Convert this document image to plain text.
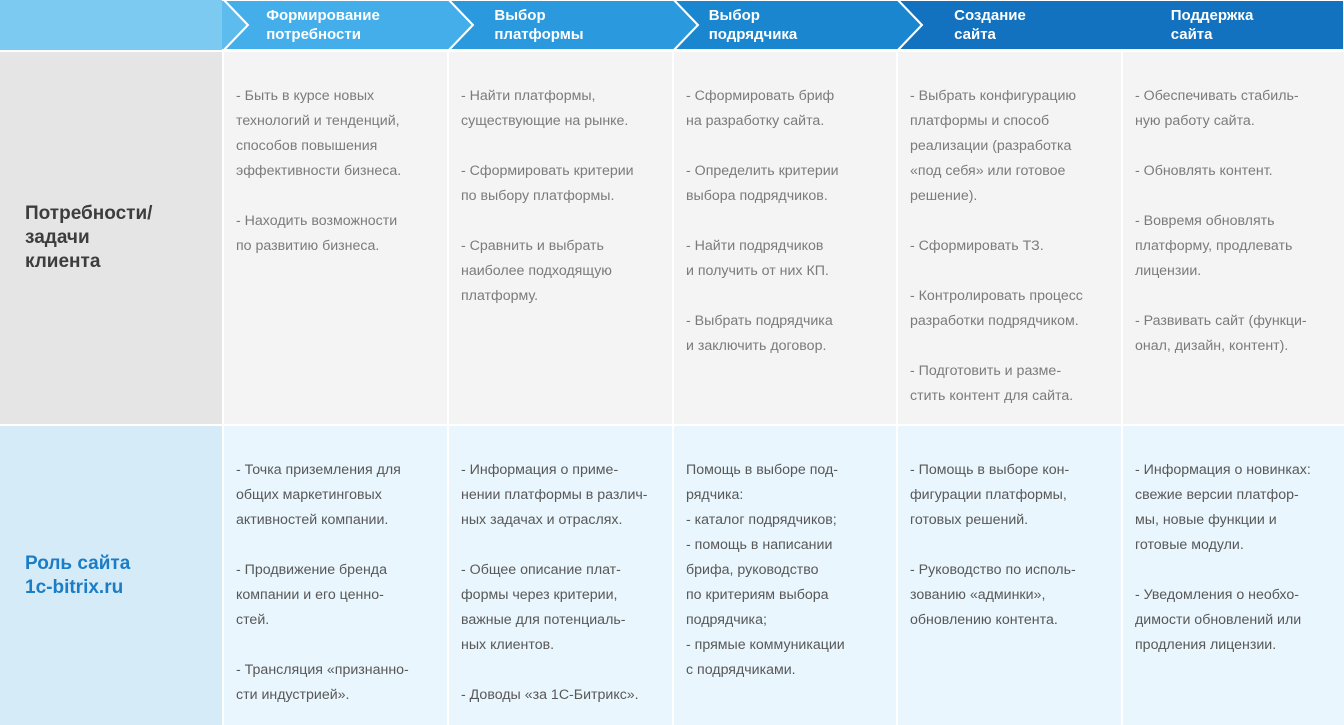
Формирование
потребности
Выбор
платформы
Выбор
подрядчика
Создание
сайта
Поддержка
сайта
Потребности/
задачи
клиента
Роль сайта
1c-bitrix.ru

- Быть в курсе новых
технологий и тенденций,
способов повышения
эффективности бизнеса.

- Находить возможности
по развитию бизнеса.

- Найти платформы,
существующие на рынке.

- Сформировать критерии
по выбору платформы.

- Сравнить и выбрать
наиболее подходящую
платформу.

- Сформировать бриф
на разработку сайта.

- Определить критерии
выбора подрядчиков.

- Найти подрядчиков
и получить от них КП.

- Выбрать подрядчика
и заключить договор.

- Выбрать конфигурацию
платформы и способ
реализации (разработка
«под себя» или готовое
решение).

- Сформировать ТЗ.

- Контролировать процесс
разработки подрядчиком.

- Подготовить и разме-
стить контент для сайта.

- Обеспечивать стабиль-
ную работу сайта.

- Обновлять контент.

- Вовремя обновлять
платформу, продлевать
лицензии.

- Развивать сайт (функци-
онал, дизайн, контент).

- Точка приземления для
общих маркетинговых
активностей компании.

- Продвижение бренда
компании и его ценно-
стей.

- Трансляция «признанно-
сти индустрией».

- Информация о приме-
нении платформы в различ-
ных задачах и отраслях.

- Общее описание плат-
формы через критерии,
важные для потенциаль-
ных клиентов.

- Доводы «за 1С-Битрикс».

Помощь в выборе под-
рядчика:
- каталог подрядчиков;
- помощь в написании
брифа, руководство
по критериям выбора
подрядчика;
- прямые коммуникации
с подрядчиками.

- Помощь в выборе кон-
фигурации платформы,
готовых решений.

- Руководство по исполь-
зованию «админки»,
обновлению контента.

- Информация о новинках:
свежие версии платфор-
мы, новые функции и
готовые модули.

- Уведомления о необхо-
димости обновлений или
продления лицензии.
